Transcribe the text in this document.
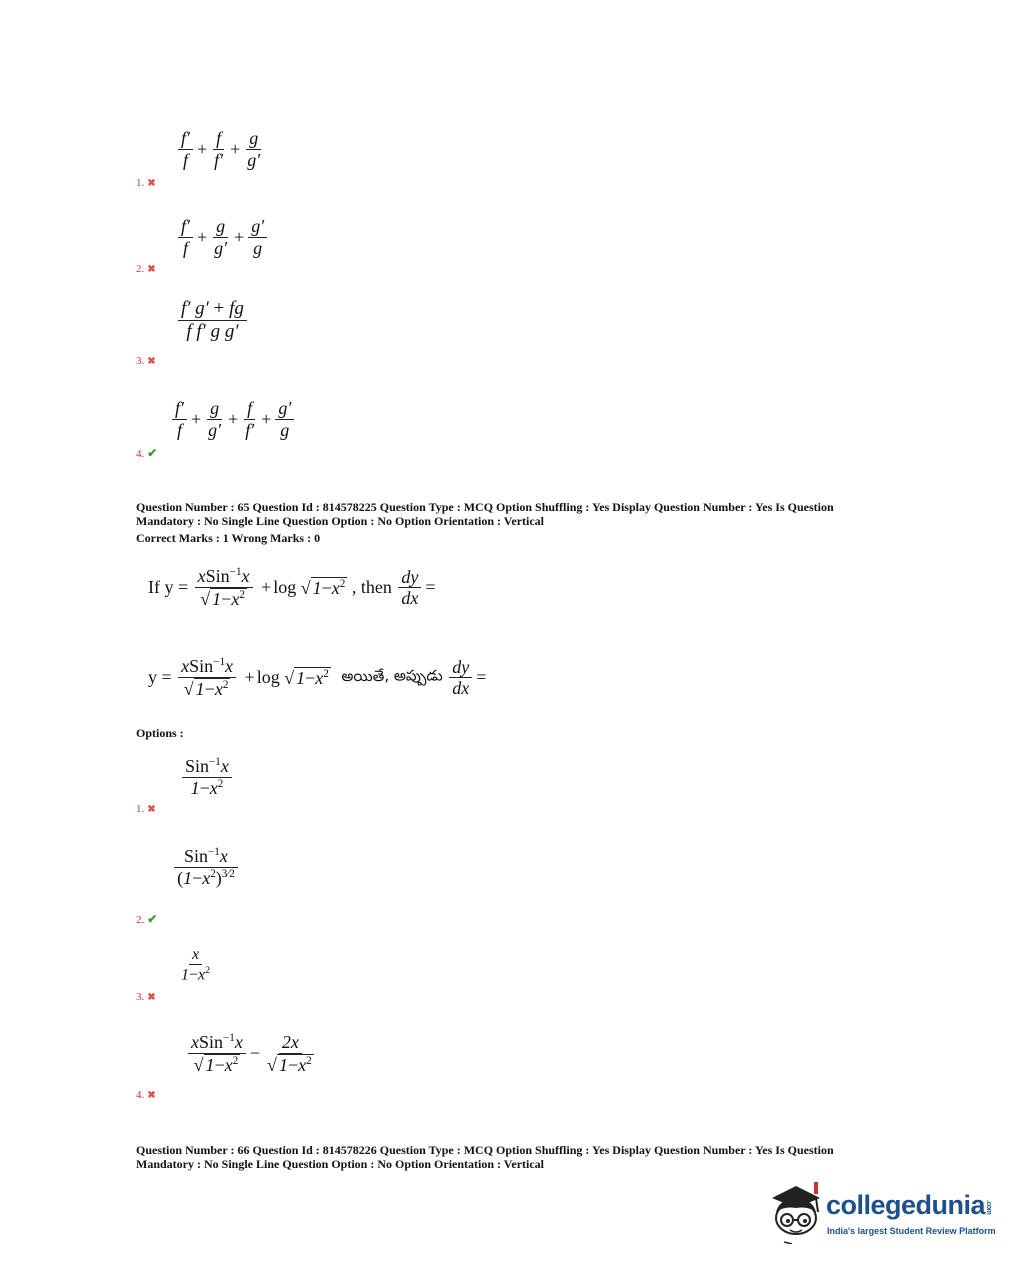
$\frac{f'}{f} + \frac{f}{f'} + \frac{g}{g'}$
1. ✖
$\frac{f'}{f} + \frac{g}{g'} + \frac{g'}{g}$
2. ✖
$\frac{f' g' + fg}{\text{f f′ g g′}}$
3. ✖
$\frac{f'}{f} + \frac{g}{g'} + \frac{f}{f'} + \frac{g'}{g}$
4. ✔
Question Number : 65 Question Id : 814578225 Question Type : MCQ Option Shuffling : Yes Display Question Number : Yes Is Question
Mandatory : No Single Line Question Option : No Option Orientation : Vertical
Correct Marks : 1 Wrong Marks : 0
If $y = \frac{xSin^{-1}x}{√ 1-x^2} + \log$ √ $1-x^2$ , then $\frac{dy}{dx}$ =
$y = \frac{xSin^{-1}x}{√ 1-x^2} + \log$ √ $1-x^2$ అయితే, అప్పుడు $\frac{dy}{dx}$ =
Options :
$\frac{Sin^{-1}x}{1-x^2}$
1. ✖
$\frac{Sin^{-1}x}{(1-x^2)^{3⁄2}}$
2. ✔
$\frac{x}{1-x^2}$
3. ✖
$\frac{xSin^{-1}x}{√ 1-x^2} - \frac{2x}{√ 1-x^2}$
4. ✖
Question Number : 66 Question Id : 814578226 Question Type : MCQ Option Shuffling : Yes Display Question Number : Yes Is Question
Mandatory : No Single Line Question Option : No Option Orientation : Vertical
collegedunia.com
India's largest Student Review Platform
